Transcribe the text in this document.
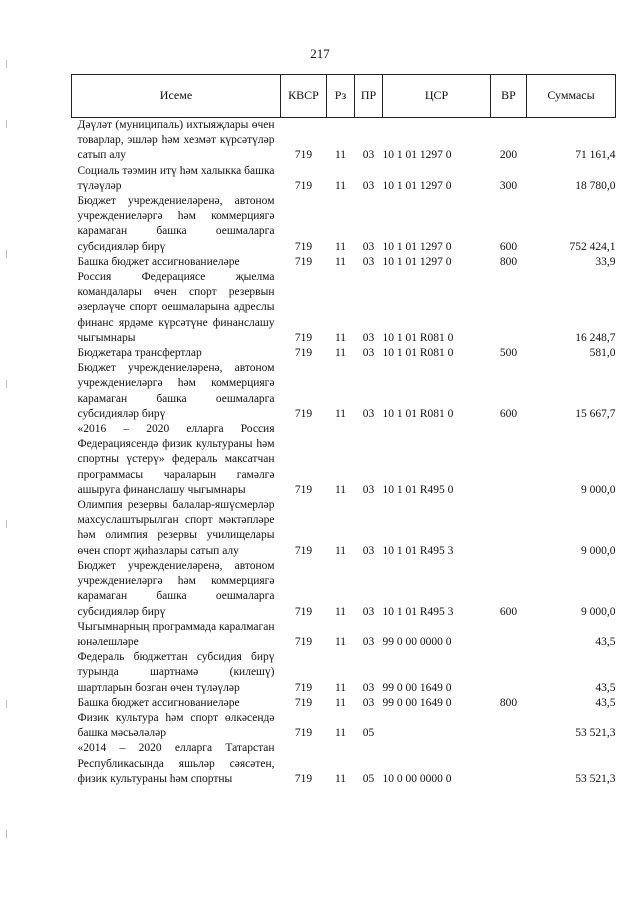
217
Исеме	КВСР	Рз	ПР	ЦСР	ВР	Суммасы
Дәүләт (муниципаль) ихтыяҗлары өчен товарлар, эшләр һәм хезмәт күрсәтүләр сатып алу	719	11	03	10 1 01 1297 0	200	71 161,4
Социаль тәэмин итү һәм халыкка башка түләүләр	719	11	03	10 1 01 1297 0	300	18 780,0
Бюджет учреждениеләренә, автоном учреждениеләргә һәм коммерциягә карамаган башка оешмаларга субсидияләр бирү	719	11	03	10 1 01 1297 0	600	752 424,1
Башка бюджет ассигнованиеләре	719	11	03	10 1 01 1297 0	800	33,9
Россия Федерациясе җыелма командалары өчен спорт резервын әзерләүче спорт оешмаларына адреслы финанс ярдәме күрсәтүне финанслашу чыгымнары	719	11	03	10 1 01 R081 0		16 248,7
Бюджетара трансфертлар	719	11	03	10 1 01 R081 0	500	581,0
Бюджет учреждениеләренә, автоном учреждениеләргә һәм коммерциягә карамаган башка оешмаларга субсидияләр бирү	719	11	03	10 1 01 R081 0	600	15 667,7
«2016 – 2020 елларга Россия Федерациясендә физик культураны һәм спортны үстерү» федераль максатчан программасы чараларын гамәлгә ашыруга финанслашу чыгымнары	719	11	03	10 1 01 R495 0		9 000,0
Олимпия резервы балалар-яшүсмерләр махсуслаштырылган спорт мәктәпләре һәм олимпия резервы училищелары өчен спорт җиһазлары сатып алу	719	11	03	10 1 01 R495 3		9 000,0
Бюджет учреждениеләренә, автоном учреждениеләргә һәм коммерциягә карамаган башка оешмаларга субсидияләр бирү	719	11	03	10 1 01 R495 3	600	9 000,0
Чыгымнарның программада каралмаган юнәлешләре	719	11	03	99 0 00 0000 0		43,5
Федераль бюджеттан субсидия бирү турында шартнамә (килешү) шартларын бозган өчен түләүләр	719	11	03	99 0 00 1649 0		43,5
Башка бюджет ассигнованиеләре	719	11	03	99 0 00 1649 0	800	43,5
Физик культура һәм спорт өлкәсендә башка мәсьәләләр	719	11	05			53 521,3
«2014 – 2020 елларга Татарстан Республикасында яшьләр сәясәтен, физик культураны һәм спортны	719	11	05	10 0 00 0000 0		53 521,3
